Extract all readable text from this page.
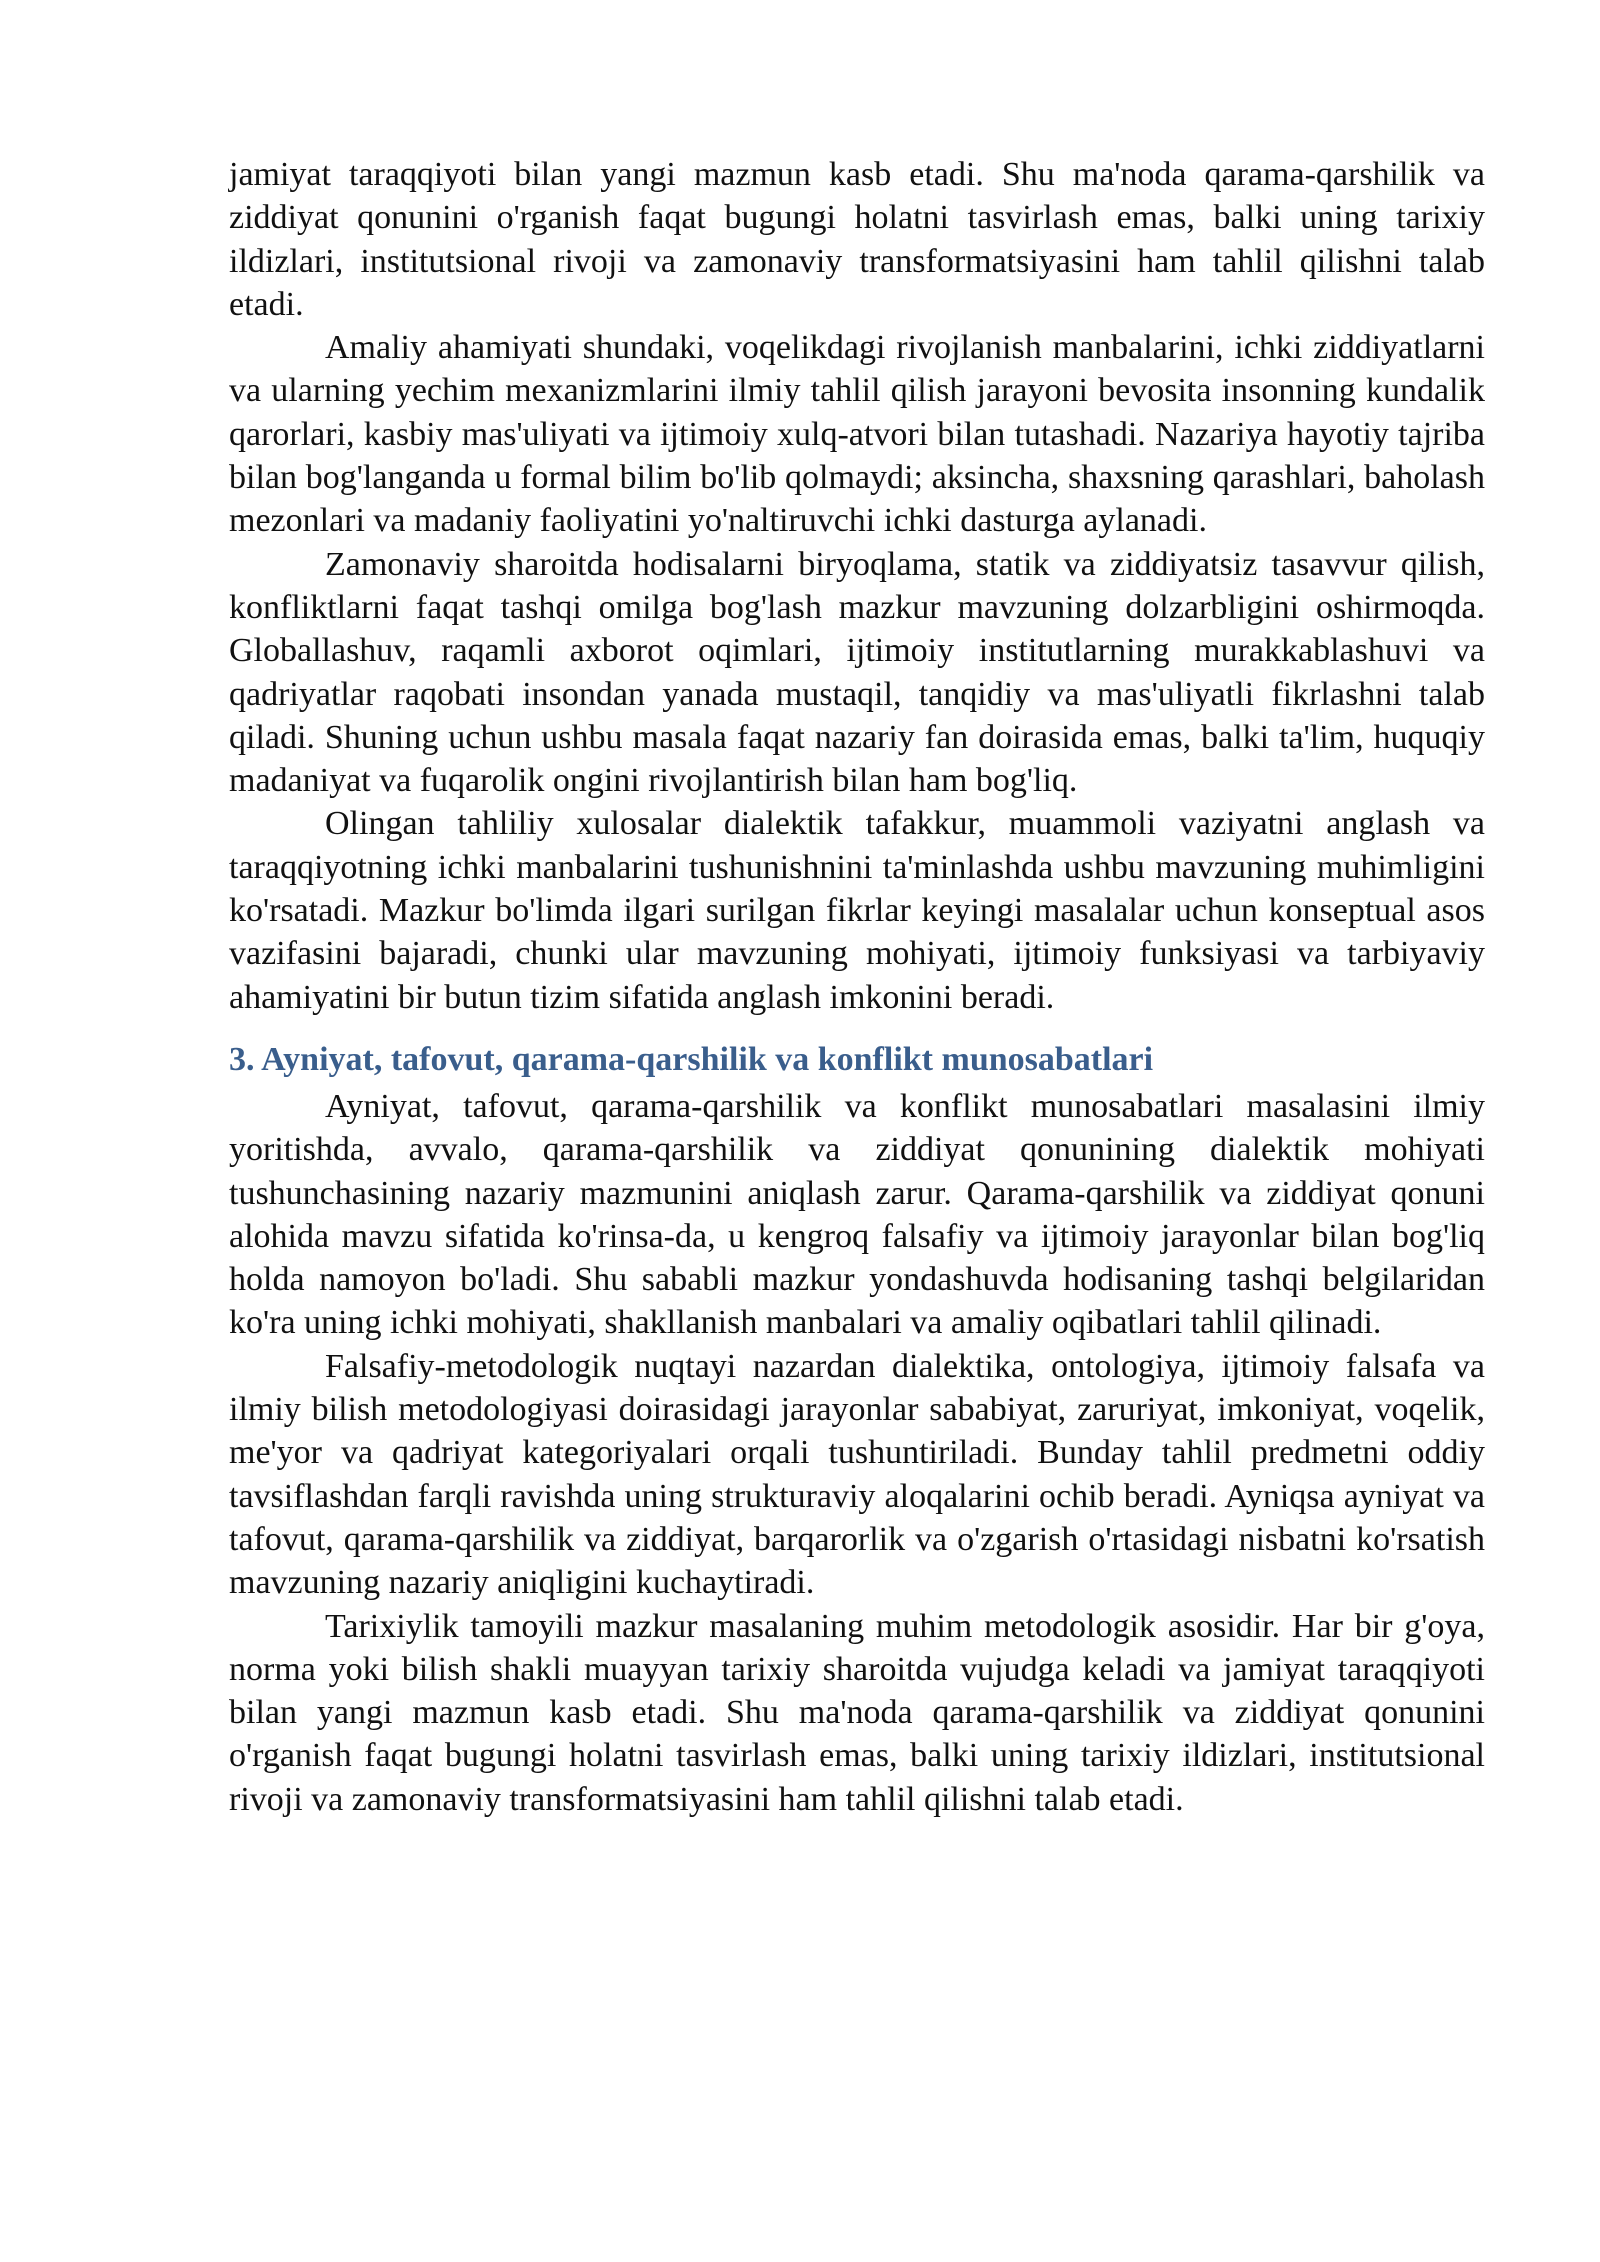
jamiyat taraqqiyoti bilan yangi mazmun kasb etadi. Shu ma'noda qarama-qarshilik va ziddiyat qonunini o'rganish faqat bugungi holatni tasvirlash emas, balki uning tarixiy ildizlari, institutsional rivoji va zamonaviy transformatsiyasini ham tahlil qilishni talab etadi.

Amaliy ahamiyati shundaki, voqelikdagi rivojlanish manbalarini, ichki ziddiyatlarni va ularning yechim mexanizmlarini ilmiy tahlil qilish jarayoni bevosita insonning kundalik qarorlari, kasbiy mas'uliyati va ijtimoiy xulq-atvori bilan tutashadi. Nazariya hayotiy tajriba bilan bog'langanda u formal bilim bo'lib qolmaydi; aksincha, shaxsning qarashlari, baholash mezonlari va madaniy faoliyatini yo'naltiruvchi ichki dasturga aylanadi.

Zamonaviy sharoitda hodisalarni biryoqlama, statik va ziddiyatsiz tasavvur qilish, konfliktlarni faqat tashqi omilga bog'lash mazkur mavzuning dolzarbligini oshirmoqda. Globallashuv, raqamli axborot oqimlari, ijtimoiy institutlarning murakkablashuvi va qadriyatlar raqobati insondan yanada mustaqil, tanqidiy va mas'uliyatli fikrlashni talab qiladi. Shuning uchun ushbu masala faqat nazariy fan doirasida emas, balki ta'lim, huquqiy madaniyat va fuqarolik ongini rivojlantirish bilan ham bog'liq.

Olingan tahliliy xulosalar dialektik tafakkur, muammoli vaziyatni anglash va taraqqiyotning ichki manbalarini tushunishnini ta'minlashda ushbu mavzuning muhimligini ko'rsatadi. Mazkur bo'limda ilgari surilgan fikrlar keyingi masalalar uchun konseptual asos vazifasini bajaradi, chunki ular mavzuning mohiyati, ijtimoiy funksiyasi va tarbiyaviy ahamiyatini bir butun tizim sifatida anglash imkonini beradi.

3. Ayniyat, tafovut, qarama-qarshilik va konflikt munosabatlari

Ayniyat, tafovut, qarama-qarshilik va konflikt munosabatlari masalasini ilmiy yoritishda, avvalo, qarama-qarshilik va ziddiyat qonunining dialektik mohiyati tushunchasining nazariy mazmunini aniqlash zarur. Qarama-qarshilik va ziddiyat qonuni alohida mavzu sifatida ko'rinsa-da, u kengroq falsafiy va ijtimoiy jarayonlar bilan bog'liq holda namoyon bo'ladi. Shu sababli mazkur yondashuvda hodisaning tashqi belgilaridan ko'ra uning ichki mohiyati, shakllanish manbalari va amaliy oqibatlari tahlil qilinadi.

Falsafiy-metodologik nuqtayi nazardan dialektika, ontologiya, ijtimoiy falsafa va ilmiy bilish metodologiyasi doirasidagi jarayonlar sababiyat, zaruriyat, imkoniyat, voqelik, me'yor va qadriyat kategoriyalari orqali tushuntiriladi. Bunday tahlil predmetni oddiy tavsiflashdan farqli ravishda uning strukturaviy aloqalarini ochib beradi. Ayniqsa ayniyat va tafovut, qarama-qarshilik va ziddiyat, barqarorlik va o'zgarish o'rtasidagi nisbatni ko'rsatish mavzuning nazariy aniqligini kuchaytiradi.

Tarixiylik tamoyili mazkur masalaning muhim metodologik asosidir. Har bir g'oya, norma yoki bilish shakli muayyan tarixiy sharoitda vujudga keladi va jamiyat taraqqiyoti bilan yangi mazmun kasb etadi. Shu ma'noda qarama-qarshilik va ziddiyat qonunini o'rganish faqat bugungi holatni tasvirlash emas, balki uning tarixiy ildizlari, institutsional rivoji va zamonaviy transformatsiyasini ham tahlil qilishni talab etadi.
